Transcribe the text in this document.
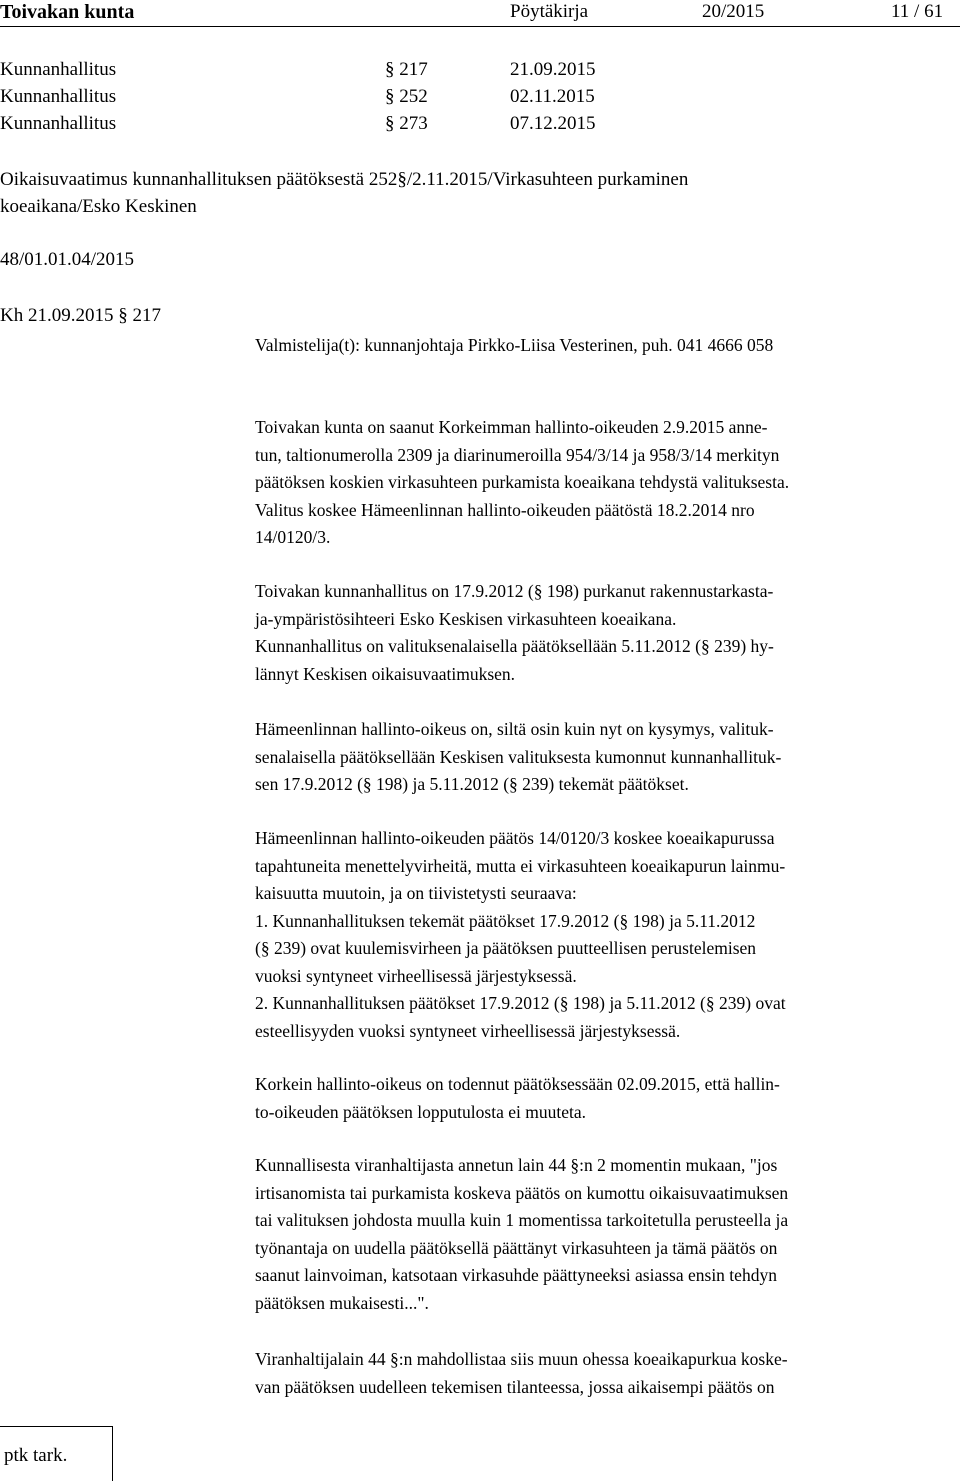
Toivakan kunta	Pöytäkirja	20/2015	11 / 61
Kunnanhallitus	§ 217	21.09.2015
Kunnanhallitus	§ 252	02.11.2015
Kunnanhallitus	§ 273	07.12.2015
Oikaisuvaatimus kunnanhallituksen päätöksestä 252§/2.11.2015/Virkasuhteen purkaminen
koeaikana/Esko Keskinen
48/01.01.04/2015
Kh 21.09.2015 § 217
Valmistelija(t): kunnanjohtaja Pirkko-Liisa Vesterinen, puh. 041 4666 058
Toivakan kunta on saanut Korkeimman hallinto-oikeuden 2.9.2015 anne-
tun, taltionumerolla 2309 ja diarinumeroilla 954/3/14 ja 958/3/14 merkityn
päätöksen koskien virkasuhteen purkamista koeaikana tehdystä valituksesta.
Valitus koskee Hämeenlinnan hallinto-oikeuden päätöstä 18.2.2014 nro
14/0120/3.
Toivakan kunnanhallitus on 17.9.2012 (§ 198) purkanut rakennustarkasta-
ja-ympäristösihteeri Esko Keskisen virkasuhteen koeaikana.
Kunnanhallitus on valituksenalaisella päätöksellään 5.11.2012 (§ 239) hy-
lännyt Keskisen oikaisuvaatimuksen.
Hämeenlinnan hallinto-oikeus on, siltä osin kuin nyt on kysymys, valituk-
senalaisella päätöksellään Keskisen valituksesta kumonnut kunnanhallituk-
sen 17.9.2012 (§ 198) ja 5.11.2012 (§ 239) tekemät päätökset.
Hämeenlinnan hallinto-oikeuden päätös 14/0120/3 koskee koeaikapurussa
tapahtuneita menettelyvirheitä, mutta ei virkasuhteen koeaikapurun lainmu-
kaisuutta muutoin, ja on tiivistetysti seuraava:
1. Kunnanhallituksen tekemät päätökset 17.9.2012 (§ 198) ja 5.11.2012
(§ 239) ovat kuulemisvirheen ja päätöksen puutteellisen perustelemisen
vuoksi syntyneet virheellisessä järjestyksessä.
2. Kunnanhallituksen päätökset 17.9.2012 (§ 198) ja 5.11.2012 (§ 239) ovat
esteellisyyden vuoksi syntyneet virheellisessä järjestyksessä.
Korkein hallinto-oikeus on todennut päätöksessään 02.09.2015, että hallin-
to-oikeuden päätöksen lopputulosta ei muuteta.
Kunnallisesta viranhaltijasta annetun lain 44 §:n 2 momentin mukaan, "jos
irtisanomista tai purkamista koskeva päätös on kumottu oikaisuvaatimuksen
tai valituksen johdosta muulla kuin 1 momentissa tarkoitetulla perusteella ja
työnantaja on uudella päätöksellä päättänyt virkasuhteen ja tämä päätös on
saanut lainvoiman, katsotaan virkasuhde päättyneeksi asiassa ensin tehdyn
päätöksen mukaisesti...".
Viranhaltijalain 44 §:n mahdollistaa siis muun ohessa koeaikapurkua koske-
van päätöksen uudelleen tekemisen tilanteessa, jossa aikaisempi päätös on
ptk tark.
